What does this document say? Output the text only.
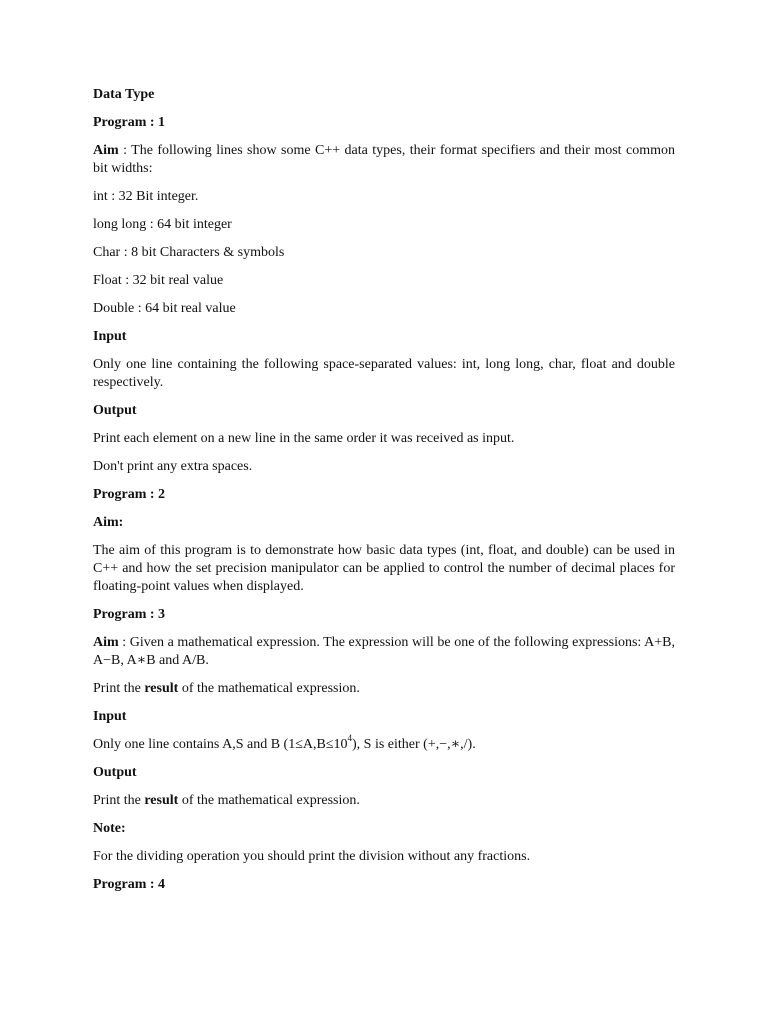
Data Type

Program : 1

Aim : The following lines show some C++ data types, their format specifiers and their most common bit widths:

int : 32 Bit integer.

long long : 64 bit integer

Char : 8 bit Characters & symbols

Float : 32 bit real value

Double : 64 bit real value

Input

Only one line containing the following space-separated values: int, long long, char, float and double respectively.

Output

Print each element on a new line in the same order it was received as input.

Don't print any extra spaces.

Program : 2

Aim:

The aim of this program is to demonstrate how basic data types (int, float, and double) can be used in C++ and how the set precision manipulator can be applied to control the number of decimal places for floating-point values when displayed.

Program : 3

Aim : Given a mathematical expression. The expression will be one of the following expressions: A+B, A−B, A∗B and A/B.

Print the result of the mathematical expression.

Input

Only one line contains A,S and B $(1\le A,B\le 10^4)$, S is either (+,−,∗,/).

Output

Print the result of the mathematical expression.

Note:

For the dividing operation you should print the division without any fractions.

Program : 4
